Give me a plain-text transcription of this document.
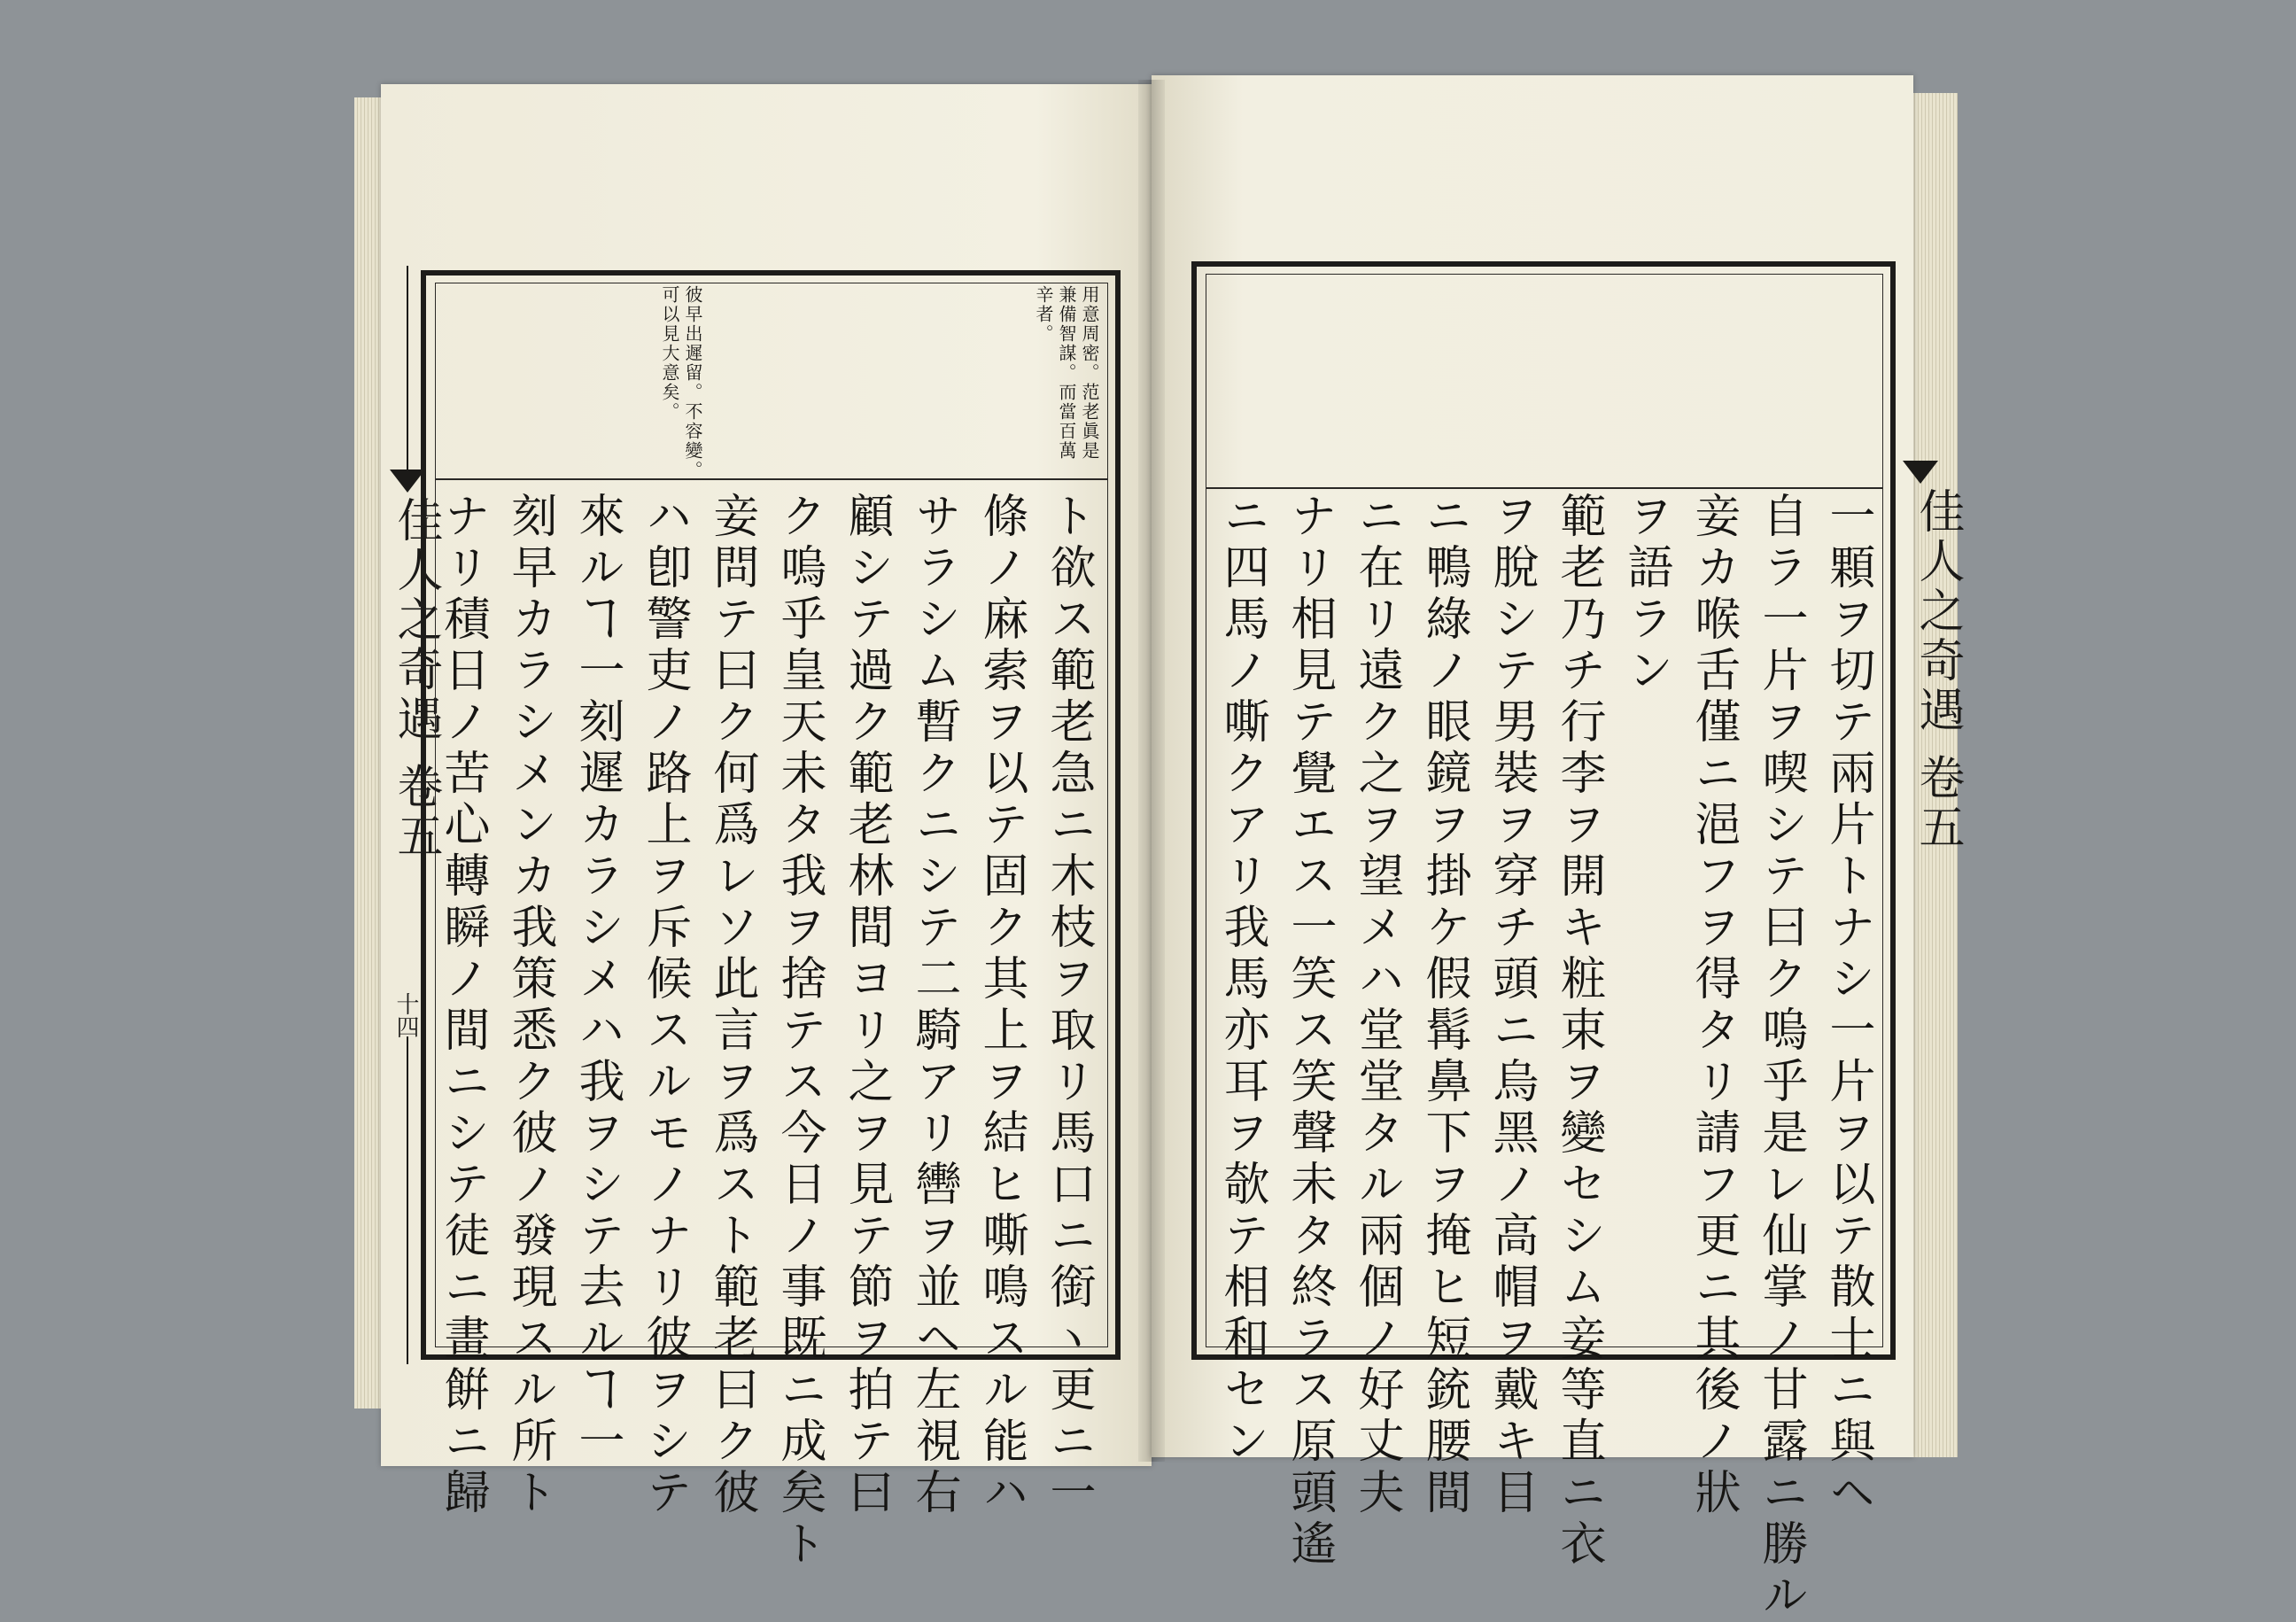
佳人之奇遇 卷五
十四
用意周密。范老眞是
兼備智謀。而當百萬
辛者。
彼早出遲留。不容變。
可以見大意矣。
ト欲ス範老急ニ木枝ヲ取リ馬口ニ銜ヽ更ニ一
條ノ麻索ヲ以テ固ク其上ヲ結ヒ嘶鳴スル能ハ
サラシム暫クニシテ二騎アリ轡ヲ並ヘ左視右
顧シテ過ク範老林間ヨリ之ヲ見テ節ヲ拍テ曰
ク嗚乎皇天未タ我ヲ捨テス今日ノ事既ニ成矣ト
妾問テ曰ク何爲レソ此言ヲ爲スト範老曰ク彼
ハ卽警吏ノ路上ヲ斥候スルモノナリ彼ヲシテ
來ルヿ一刻遲カラシメハ我ヲシテ去ルヿ一
刻早カラシメンカ我策悉ク彼ノ發現スル所ト
ナリ積日ノ苦心轉瞬ノ間ニシテ徒ニ畫餠ニ歸	佳人之奇遇 卷五
一顆ヲ切テ兩片トナシ一片ヲ以テ散士ニ與ヘ
自ラ一片ヲ喫シテ曰ク嗚乎是レ仙掌ノ甘露ニ勝ル
妾カ喉舌僅ニ浥フヲ得タリ請フ更ニ其後ノ狀
ヲ語ラン
範老乃チ行李ヲ開キ粧束ヲ變セシム妾等直ニ衣
ヲ脫シテ男裝ヲ穿チ頭ニ烏黑ノ高帽ヲ戴キ目
ニ鴨綠ノ眼鏡ヲ掛ケ假髯鼻下ヲ掩ヒ短銃腰間
ニ在リ遠ク之ヲ望メハ堂堂タル兩個ノ好丈夫
ナリ相見テ覺エス一笑ス笑聲未タ終ラス原頭遙
ニ四馬ノ嘶クアリ我馬亦耳ヲ欹テ相和セン
